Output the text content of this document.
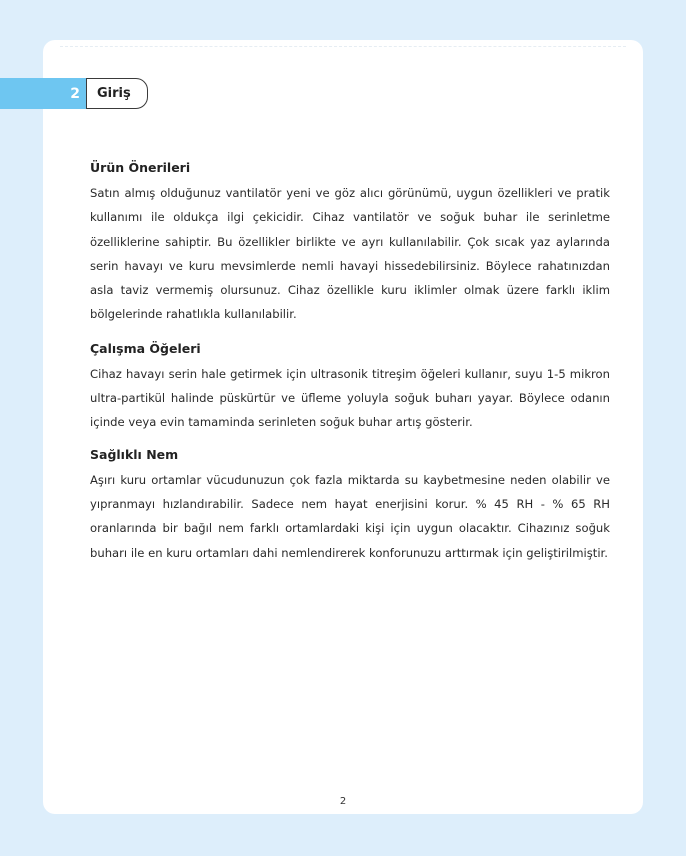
2	Giriş
Ürün Önerileri

Satın almış olduğunuz vantilatör yeni ve göz alıcı görünümü, uygun özellikleri ve pratik kullanımı ile oldukça ilgi çekicidir. Cihaz vantilatör ve soğuk buhar ile serinletme özelliklerine sahiptir. Bu özellikler birlikte ve ayrı kullanılabilir. Çok sıcak yaz aylarında serin havayı ve kuru mevsimlerde nemli havayi hissedebilirsiniz. Böylece rahatınızdan asla taviz vermemiş olursunuz. Cihaz özellikle kuru iklimler olmak üzere farklı iklim bölgelerinde rahatlıkla kullanılabilir.

Çalışma Öğeleri

Cihaz havayı serin hale getirmek için ultrasonik titreşim öğeleri kullanır, suyu 1-5 mikron ultra-partikül halinde püskürtür ve üfleme yoluyla soğuk buharı yayar. Böylece odanın içinde veya evin tamaminda serinleten soğuk buhar artış gösterir.

Sağlıklı Nem

Aşırı kuru ortamlar vücudunuzun çok fazla miktarda su kaybetmesine neden olabilir ve yıpranmayı hızlandırabilir. Sadece nem hayat enerjisini korur. % 45 RH - % 65 RH oranlarında bir bağıl nem farklı ortamlardaki kişi için uygun olacaktır. Cihazınız soğuk buharı ile en kuru ortamları dahi nemlendirerek konforunuzu arttırmak için geliştirilmiştir.

2
